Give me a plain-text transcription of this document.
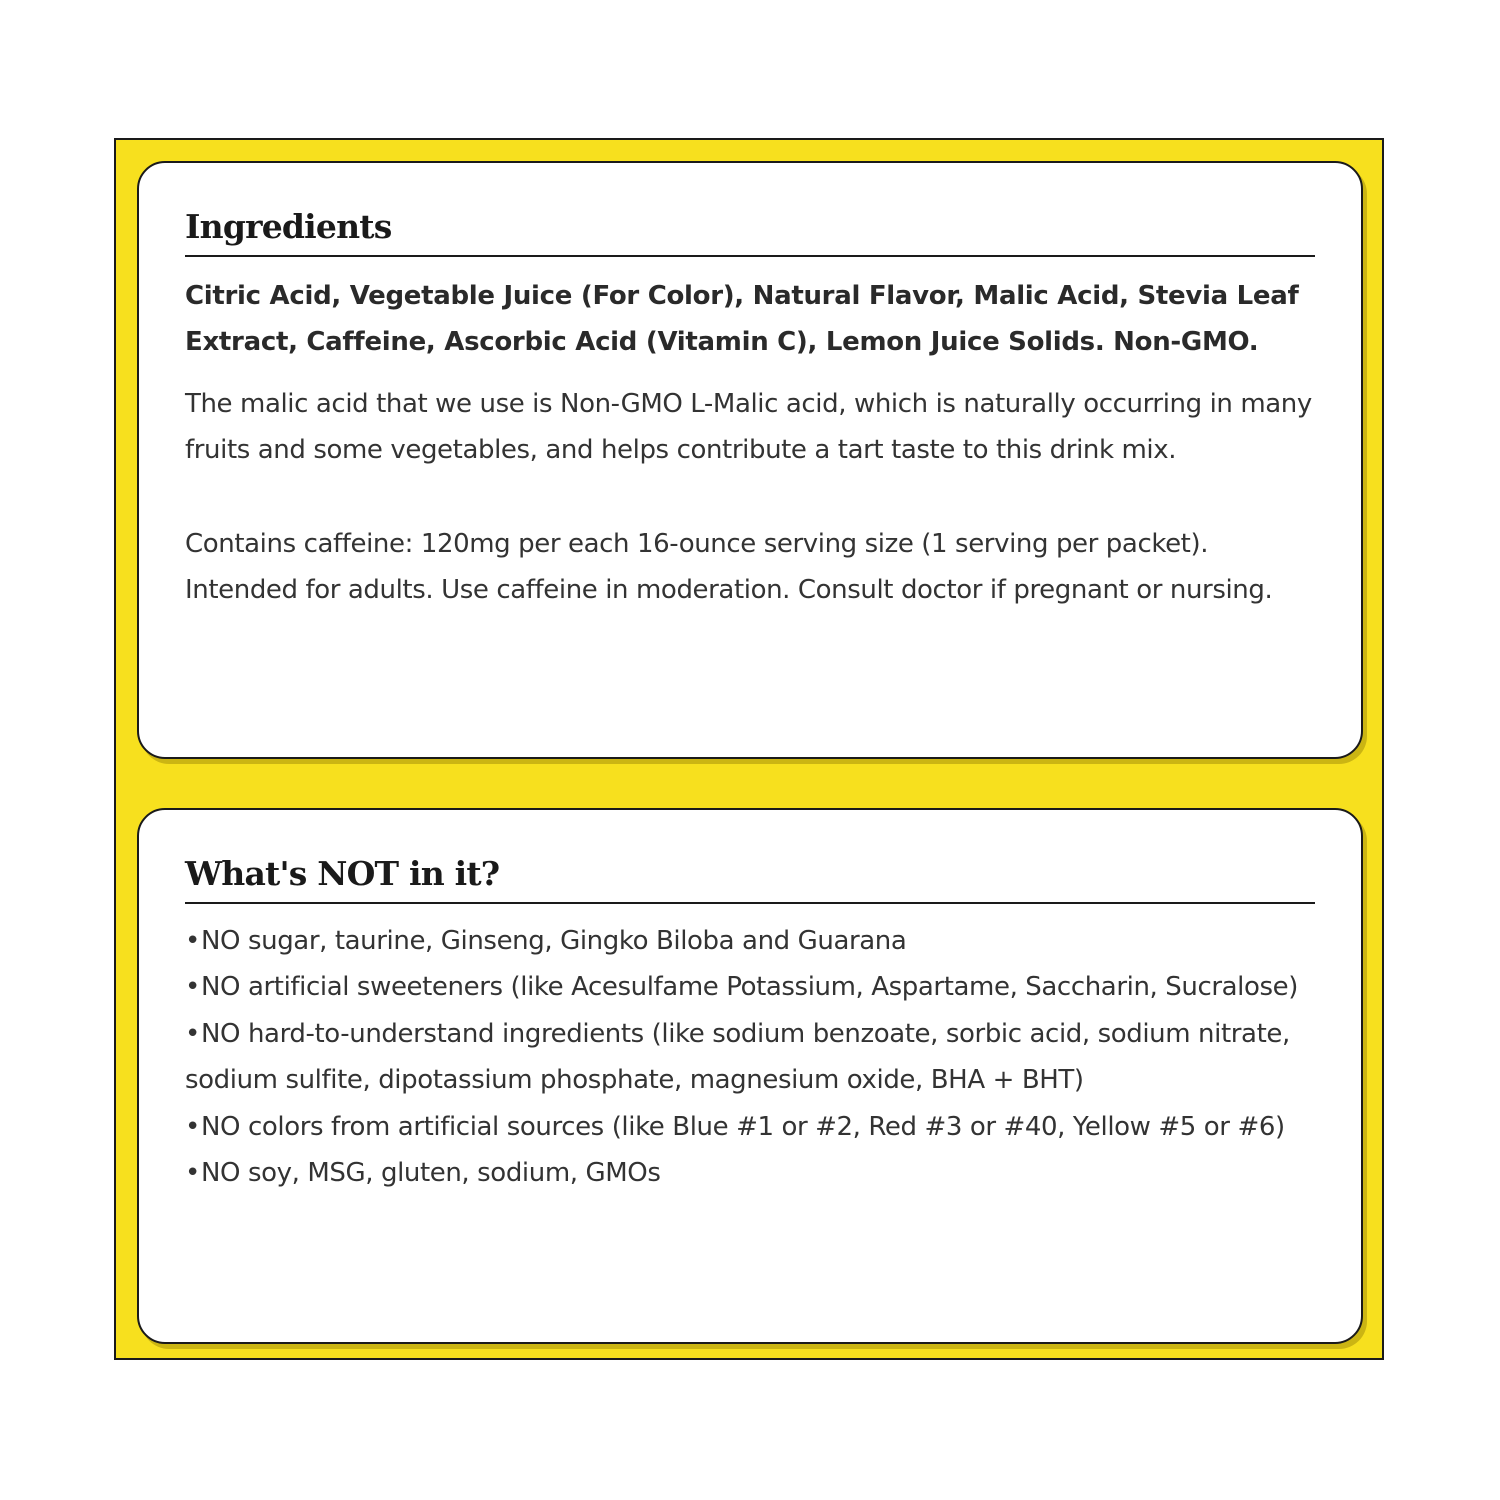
Ingredients

Citric Acid, Vegetable Juice (For Color), Natural Flavor, Malic Acid, Stevia Leaf Extract, Caffeine, Ascorbic Acid (Vitamin C), Lemon Juice Solids. Non-GMO.

The malic acid that we use is Non-GMO L-Malic acid, which is naturally occurring in many fruits and some vegetables, and helps contribute a tart taste to this drink mix.

Contains caffeine: 120mg per each 16-ounce serving size (1 serving per packet). Intended for adults. Use caffeine in moderation. Consult doctor if pregnant or nursing.

What's NOT in it?
•NO sugar, taurine, Ginseng, Gingko Biloba and Guarana
•NO artificial sweeteners (like Acesulfame Potassium, Aspartame, Saccharin, Sucralose)
•NO hard-to-understand ingredients (like sodium benzoate, sorbic acid, sodium nitrate, sodium sulfite, dipotassium phosphate, magnesium oxide, BHA + BHT)
•NO colors from artificial sources (like Blue #1 or #2, Red #3 or #40, Yellow #5 or #6)
•NO soy, MSG, gluten, sodium, GMOs
